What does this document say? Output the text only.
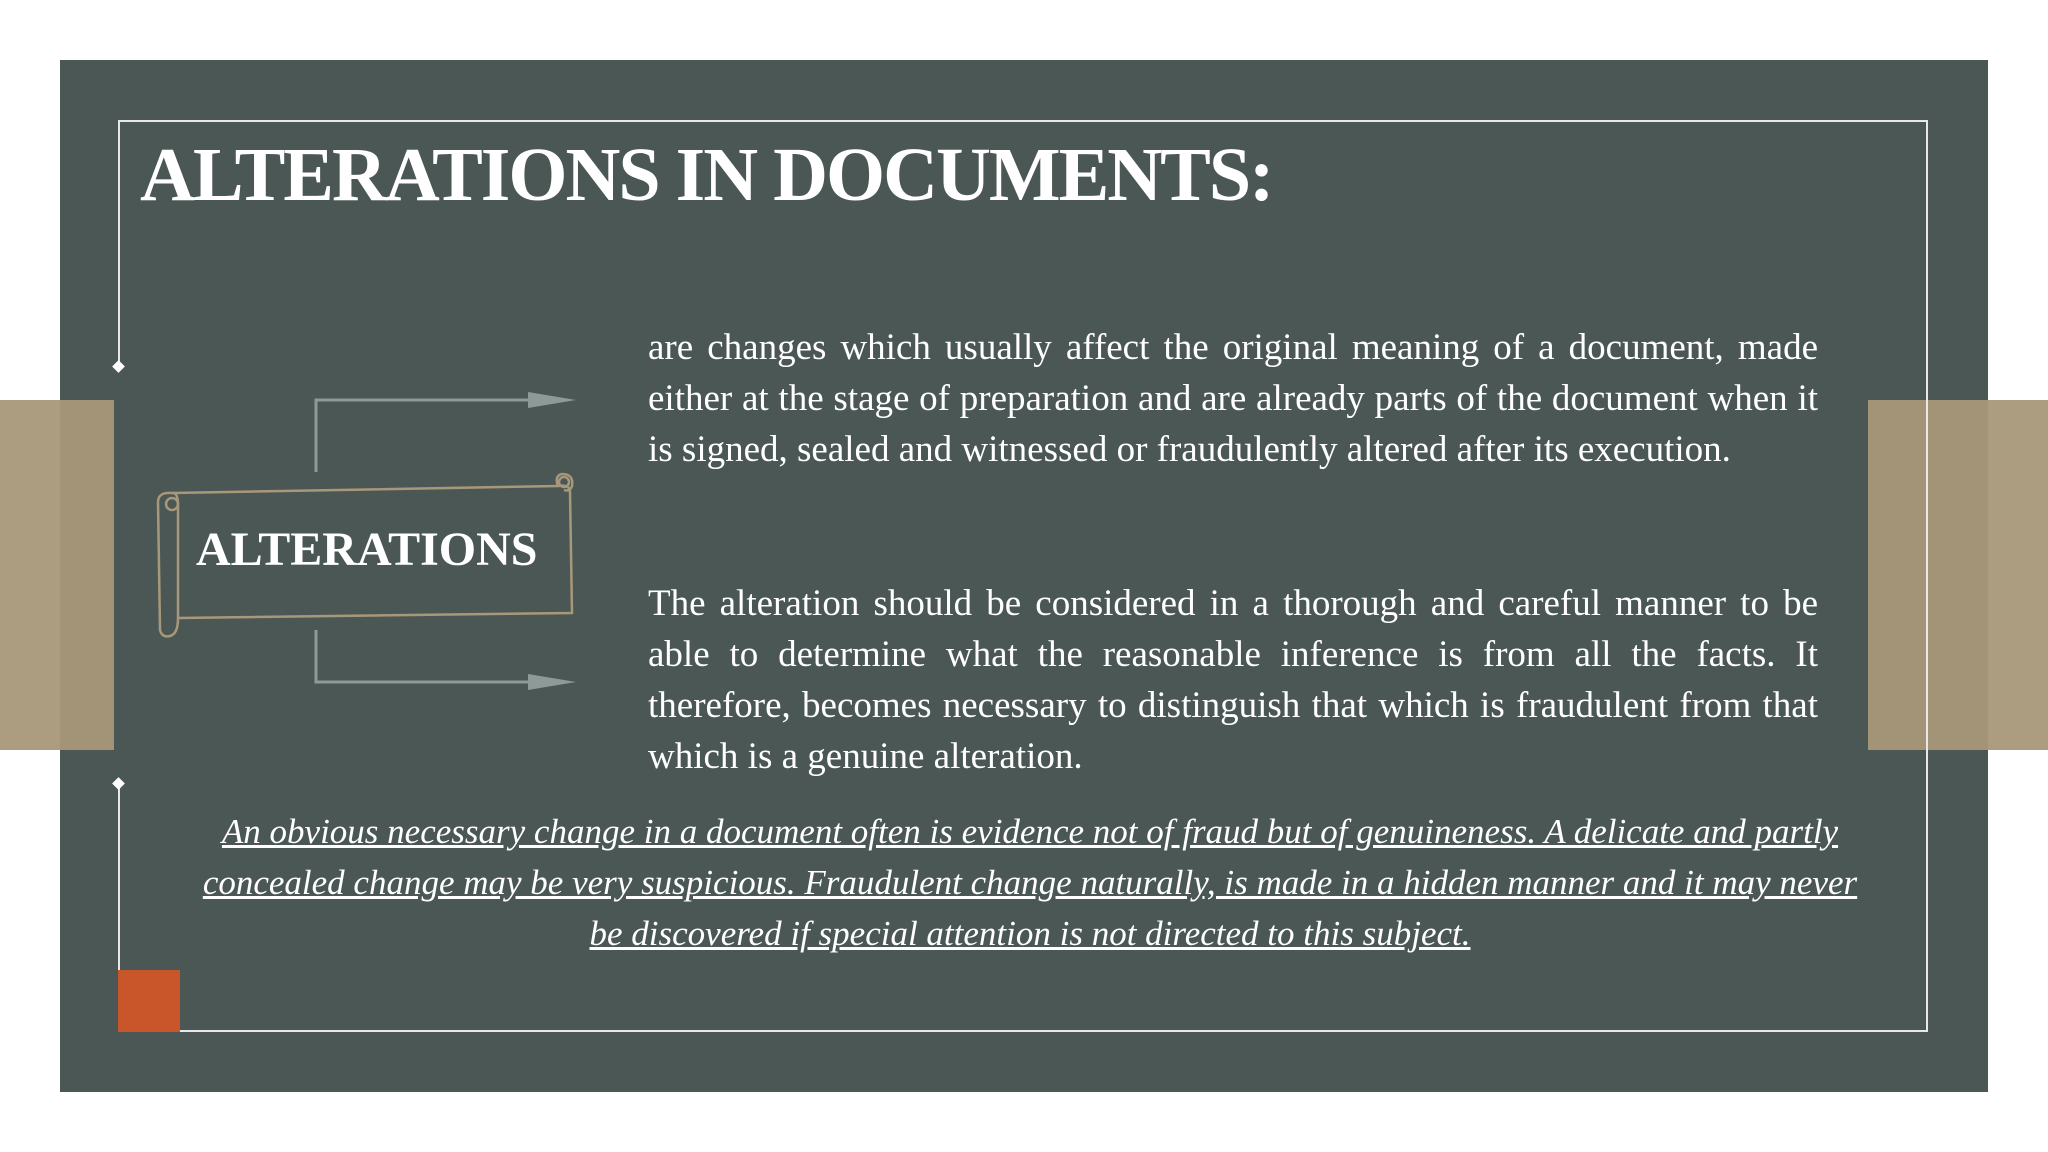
ALTERATIONS IN DOCUMENTS:
ALTERATIONS

are changes which usually affect the original meaning of a document, made either at the stage of preparation and are already parts of the document when it is signed, sealed and witnessed or fraudulently altered after its execution.

The alteration should be considered in a thorough and careful manner to be able to determine what the reasonable inference is from all the facts. It therefore, becomes necessary to distinguish that which is fraudulent from that which is a genuine alteration.

An obvious necessary change in a document often is evidence not of fraud but of genuineness. A delicate and partly concealed change may be very suspicious. Fraudulent change naturally, is made in a hidden manner and it may never be discovered if special attention is not directed to this subject.
